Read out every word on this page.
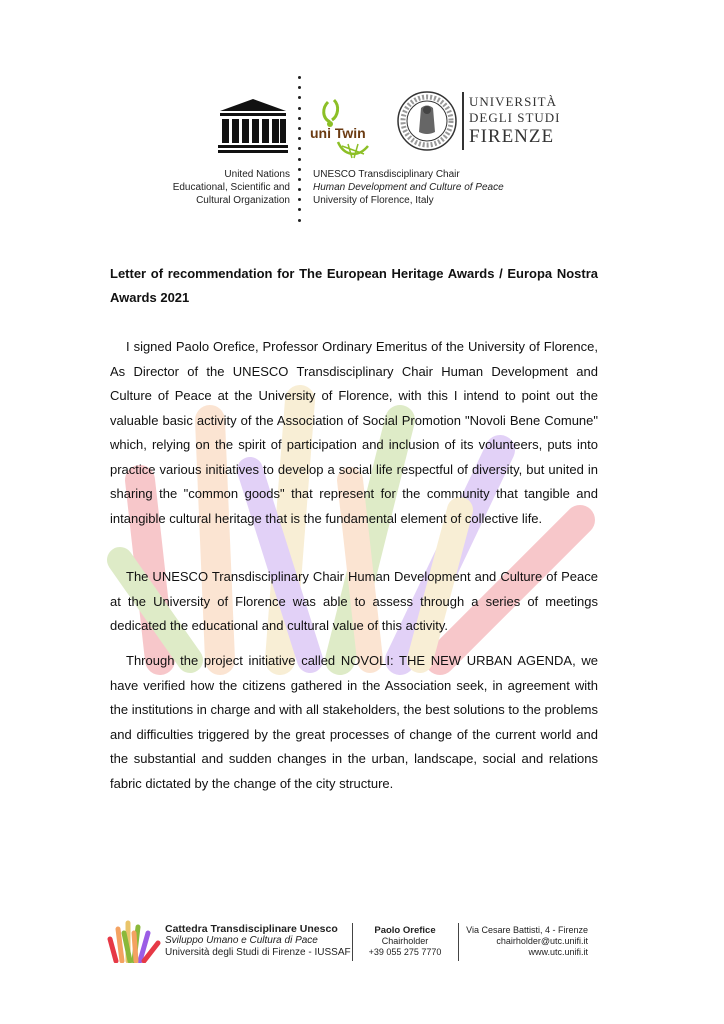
United Nations
Educational, Scientific and
Cultural Organization
uni Twin
UNESCO Transdisciplinary Chair
Human Development and Culture of Peace
University of Florence, Italy
UNIVERSITÀ
DEGLI STUDI
FIRENZE
Letter of recommendation for The European Heritage Awards / Europa Nostra Awards 2021

I signed Paolo Orefice, Professor Ordinary Emeritus of the University of Florence, As Director of the UNESCO Transdisciplinary Chair Human Development and Culture of Peace at the University of Florence, with this I intend to point out the valuable basic activity of the Association of Social Promotion "Novoli Bene Comune" which, relying on the spirit of participation and inclusion of its volunteers, puts into practice various initiatives to develop a social life respectful of diversity, but united in sharing the "common goods" that represent for the community that tangible and intangible cultural heritage that is the fundamental element of collective life.

The UNESCO Transdisciplinary Chair Human Development and Culture of Peace at the University of Florence was able to assess through a series of meetings dedicated the educational and cultural value of this activity.

Through the project initiative called NOVOLI: THE NEW URBAN AGENDA, we have verified how the citizens gathered in the Association seek, in agreement with the institutions in charge and with all stakeholders, the best solutions to the problems and difficulties triggered by the great processes of change of the current world and the substantial and sudden changes in the urban, landscape, social and relations fabric dictated by the change of the city structure.

Cattedra Transdisciplinare Unesco
Sviluppo Umano e Cultura di Pace
Università degli Studi di Firenze - IUSSAF
Paolo Orefice
Chairholder
+39 055 275 7770
Via Cesare Battisti, 4 - Firenze
chairholder@utc.unifi.it
www.utc.unifi.it
